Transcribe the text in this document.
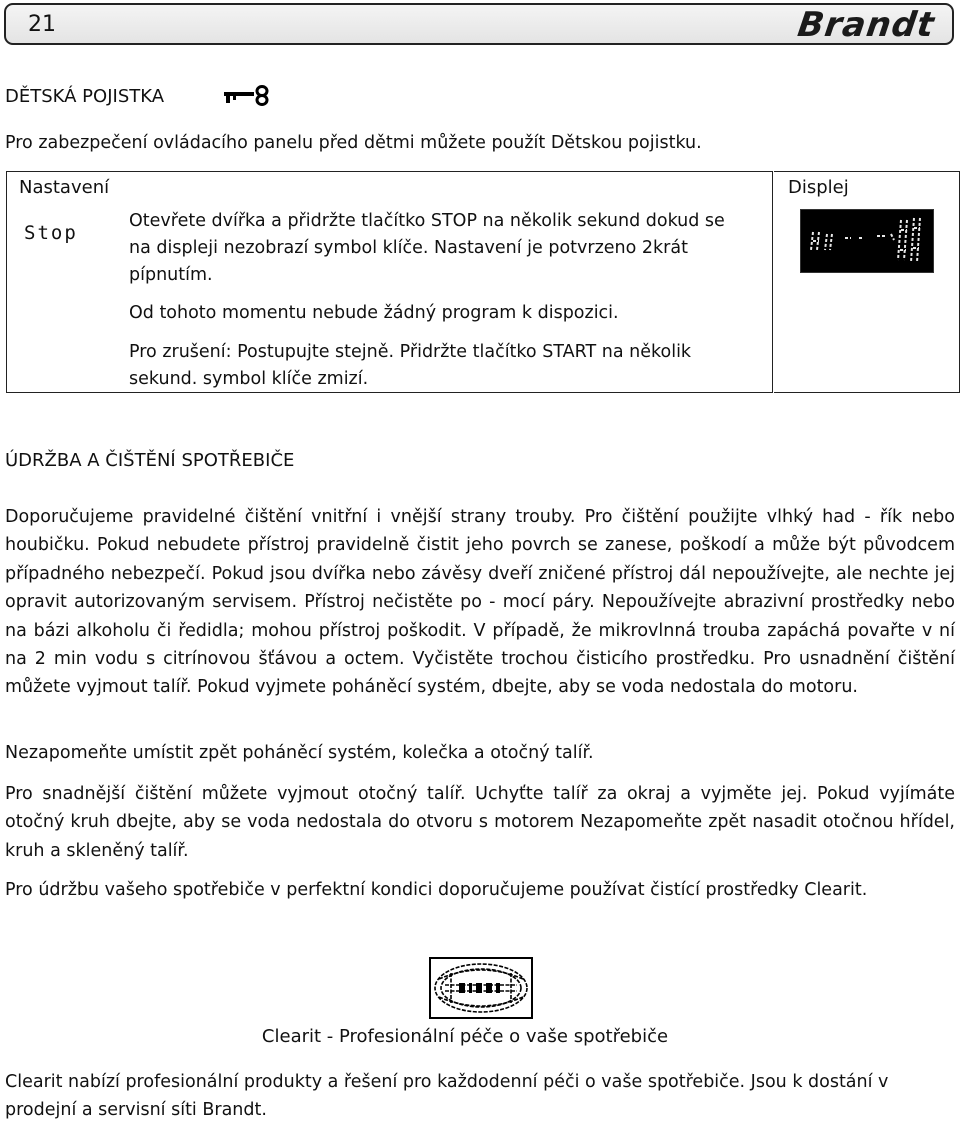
21	Brandt
DĚTSKÁ POJISTKA
Pro zabezpečení ovládacího panelu před dětmi můžete použít Dětskou pojistku.
Nastavení
Stop
Otevřete dvířka a přidržte tlačítko STOP na několik sekund dokud se na displeji nezobrazí symbol klíče. Nastavení je potvrzeno 2krát pípnutím.
Od tohoto momentu nebude žádný program k dispozici.
Pro zrušení: Postupujte stejně. Přidržte tlačítko START na několik sekund. symbol klíče zmizí.
Displej
ÚDRŽBA A ČIŠTĚNÍ SPOTŘEBIČE
Doporučujeme pravidelné čištění vnitřní i vnější strany trouby. Pro čištění použijte vlhký had - řík nebo houbičku. Pokud nebudete přístroj pravidelně čistit jeho povrch se zanese, poškodí a může být původcem případného nebezpečí. Pokud jsou dvířka nebo závěsy dveří zničené přístroj dál nepoužívejte, ale nechte jej opravit autorizovaným servisem. Přístroj nečistěte po - mocí páry. Nepoužívejte abrazivní prostředky nebo na bázi alkoholu či ředidla; mohou přístroj poškodit. V případě, že mikrovlnná trouba zapáchá povařte v ní na 2 min vodu s citrínovou šťávou a octem. Vyčistěte trochou čisticího prostředku. Pro usnadnění čištění můžete vyjmout talíř. Pokud vyjmete poháněcí systém, dbejte, aby se voda nedostala do motoru.
Nezapomeňte umístit zpět poháněcí systém, kolečka a otočný talíř.
Pro snadnější čištění můžete vyjmout otočný talíř. Uchyťte talíř za okraj a vyjměte jej. Pokud vyjímáte otočný kruh dbejte, aby se voda nedostala do otvoru s motorem Nezapomeňte zpět nasadit otočnou hřídel, kruh a skleněný talíř.
Pro údržbu vašeho spotřebiče v perfektní kondici doporučujeme používat čistící prostředky Clearit.
Clearit - Profesionální péče o vaše spotřebiče
Clearit nabízí profesionální produkty a řešení pro každodenní péči o vaše spotřebiče. Jsou k dostání v prodejní a servisní síti Brandt.
